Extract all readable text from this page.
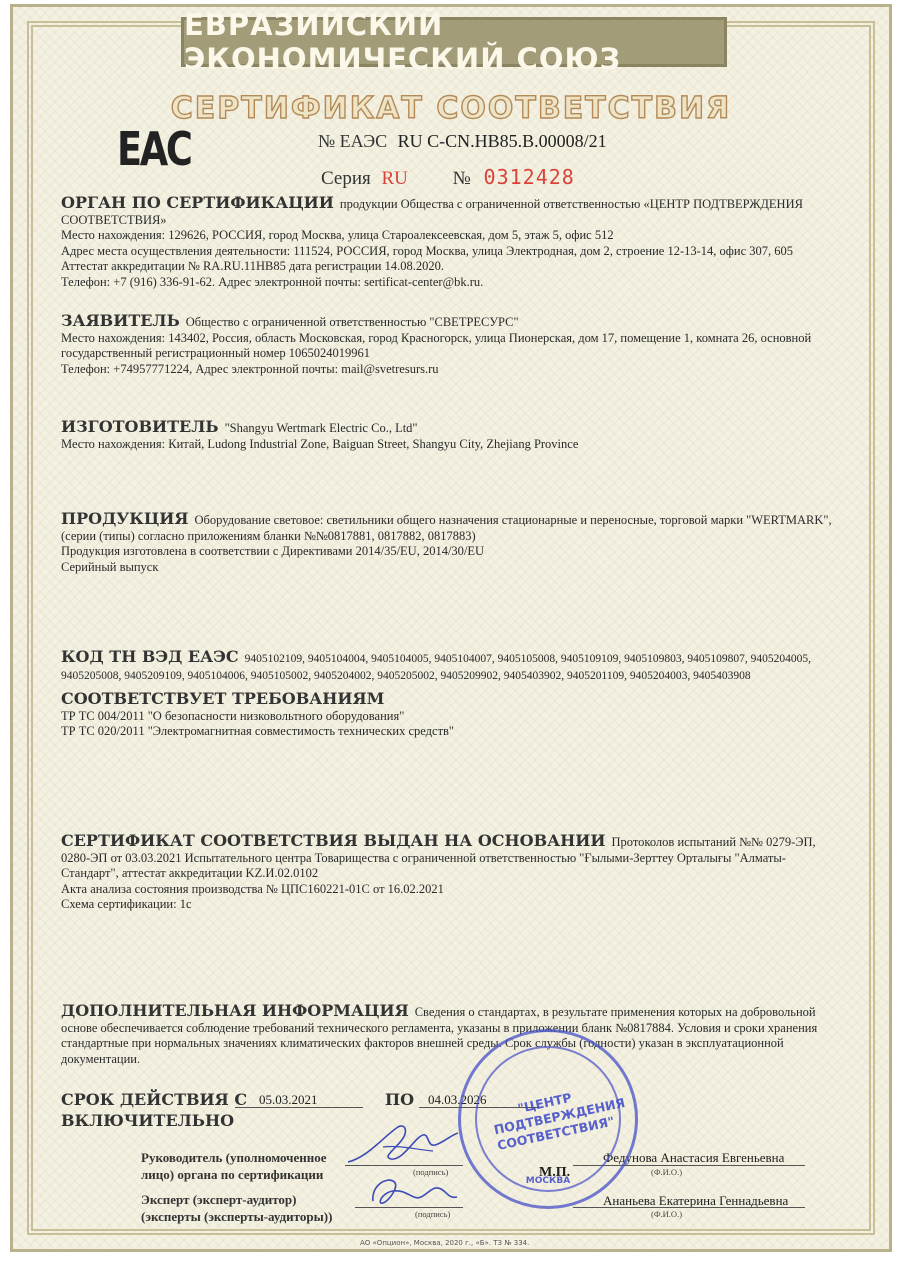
ЕВРАЗИЙСКИЙ ЭКОНОМИЧЕСКИЙ СОЮЗ
СЕРТИФИКАТ СООТВЕТСТВИЯ
ЕАС	№ ЕАЭС RU C-CN.НВ85.В.00008/21
Серия RU № 0312428

ОРГАН ПО СЕРТИФИКАЦИИ продукции Общества с ограниченной ответственностью «ЦЕНТР ПОДТВЕРЖДЕНИЯ СООТВЕТСТВИЯ»

Место нахождения: 129626, РОССИЯ, город Москва, улица Староалексеевская, дом 5, этаж 5, офис 512

Адрес места осуществления деятельности: 111524, РОССИЯ, город Москва, улица Электродная, дом 2, строение 12-13-14, офис 307, 605

Аттестат аккредитации № RA.RU.11НВ85 дата регистрации 14.08.2020.

Телефон: +7 (916) 336-91-62. Адрес электронной почты: sertificat-center@bk.ru.

ЗАЯВИТЕЛЬ Общество с ограниченной ответственностью "СВЕТРЕСУРС"

Место нахождения: 143402, Россия, область Московская, город Красногорск, улица Пионерская, дом 17, помещение 1, комната 26, основной государственный регистрационный номер 1065024019961

Телефон: +74957771224, Адрес электронной почты: mail@svetresurs.ru

ИЗГОТОВИТЕЛЬ "Shangyu Wertmark Electric Co., Ltd"

Место нахождения: Китай, Ludong Industrial Zone, Baiguan Street, Shangyu City, Zhejiang Province

ПРОДУКЦИЯ Оборудование световое: светильники общего назначения стационарные и переносные, торговой марки "WERTMARK", (серии (типы) согласно приложениям бланки №№0817881, 0817882, 0817883)

Продукция изготовлена в соответствии с Директивами 2014/35/EU, 2014/30/EU

Серийный выпуск

КОД ТН ВЭД ЕАЭС 9405102109, 9405104004, 9405104005, 9405104007, 9405105008, 9405109109, 9405109803, 9405109807, 9405204005, 9405205008, 9405209109, 9405104006, 9405105002, 9405204002, 9405205002, 9405209902, 9405403902, 9405201109, 9405204003, 9405403908

СООТВЕТСТВУЕТ ТРЕБОВАНИЯМ

ТР ТС 004/2011 "О безопасности низковольтного оборудования"

ТР ТС 020/2011 "Электромагнитная совместимость технических средств"

СЕРТИФИКАТ СООТВЕТСТВИЯ ВЫДАН НА ОСНОВАНИИ Протоколов испытаний №№ 0279-ЭП, 0280-ЭП от 03.03.2021 Испытательного центра Товарищества с ограниченной ответственностью "Ғылыми-Зерттеу Орталығы "Алматы-Стандарт", аттестат аккредитации KZ.И.02.0102

Акта анализа состояния производства № ЦПС160221-01С от 16.02.2021

Схема сертификации: 1с

ДОПОЛНИТЕЛЬНАЯ ИНФОРМАЦИЯ Сведения о стандартах, в результате применения которых на добровольной основе обеспечивается соблюдение требований технического регламента, указаны в приложении бланк №0817884. Условия и сроки хранения стандартные при нормальных значениях климатических факторов внешней среды. Срок службы (годности) указан в эксплуатационной документации.

СРОК ДЕЙСТВИЯ С 05.03.2021	ПО	04.03.2026
ВКЛЮЧИТЕЛЬНО

Руководитель (уполномоченное

лицо) органа по сертификации	(подпись)
Федунова Анастасия Евгеньевна
(Ф.И.О.)
М.П.

Эксперт (эксперт-аудитор)

(эксперты (эксперты-аудиторы))	(подпись)
Ананьева Екатерина Геннадьевна
(Ф.И.О.)
"ЦЕНТР ПОДТВЕРЖДЕНИЯ СООТВЕТСТВИЯ"
МОСКВА
АО «Опцион», Москва, 2020 г., «Б». ТЗ № 334.
